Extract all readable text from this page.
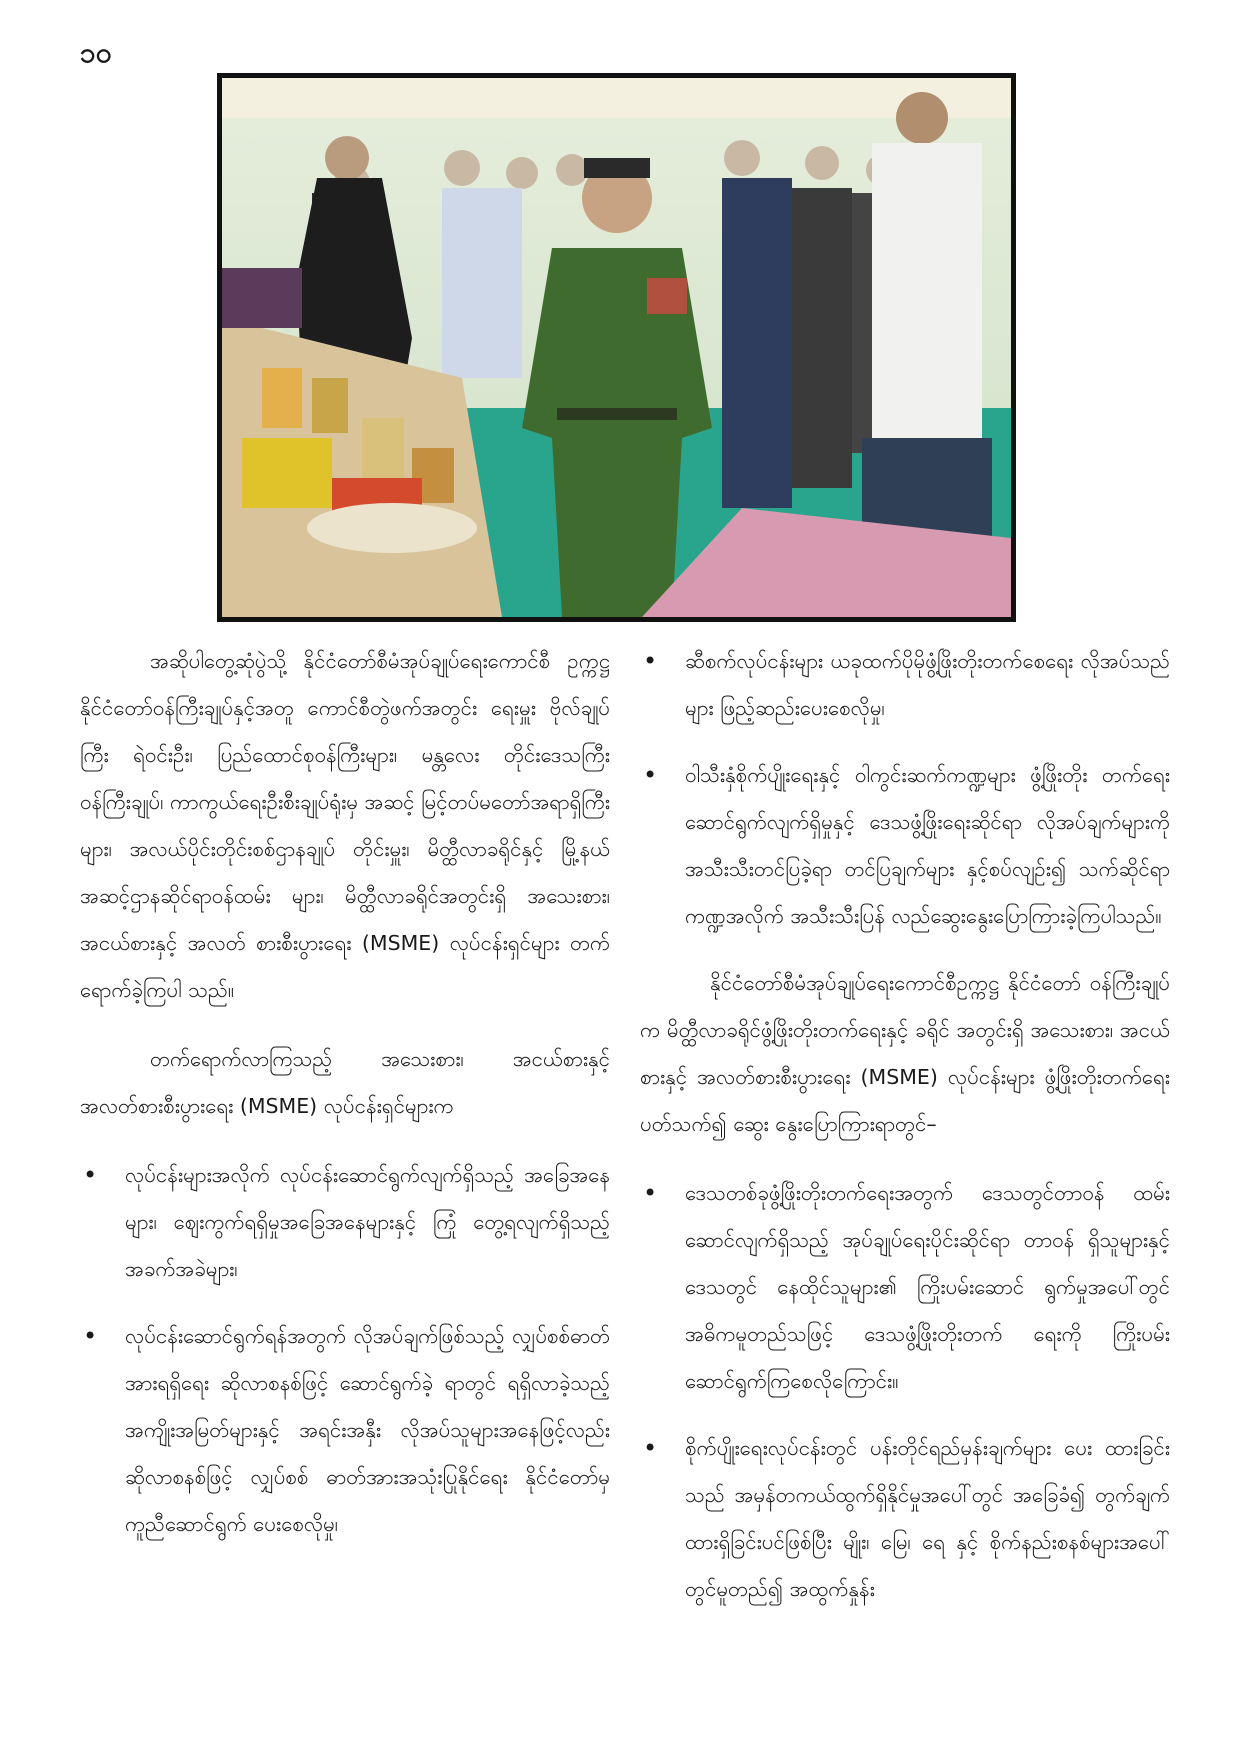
၁၀

အဆိုပါတွေ့ဆုံပွဲသို့ နိုင်ငံတော်စီမံအုပ်ချုပ်ရေးကောင်စီ ဥက္ကဋ္ဌ နိုင်ငံတော်ဝန်ကြီးချုပ်နှင့်အတူ ကောင်စီတွဲဖက်အတွင်း ရေးမှူး ဗိုလ်ချုပ်ကြီး ရဲဝင်းဦး၊ ပြည်ထောင်စုဝန်ကြီးများ၊ မန္တလေး တိုင်းဒေသကြီး ဝန်ကြီးချုပ်၊ ကာကွယ်ရေးဦးစီးချုပ်ရုံးမှ အဆင့် မြင့်တပ်မတော်အရာရှိကြီးများ၊ အလယ်ပိုင်းတိုင်းစစ်ဌာနချုပ် တိုင်းမှူး၊ မိတ္ထီလာခရိုင်နှင့် မြို့နယ်အဆင့်ဌာနဆိုင်ရာဝန်ထမ်း များ၊ မိတ္ထီလာခရိုင်အတွင်းရှိ အသေးစား၊ အငယ်စားနှင့် အလတ် စားစီးပွားရေး (MSME) လုပ်ငန်းရှင်များ တက်ရောက်ခဲ့ကြပါ သည်။

တက်ရောက်လာကြသည့် အသေးစား၊ အငယ်စားနှင့် အလတ်စားစီးပွားရေး (MSME) လုပ်ငန်းရှင်များက

• လုပ်ငန်းများအလိုက် လုပ်ငန်းဆောင်ရွက်လျက်ရှိသည့် အခြေအနေများ၊ ဈေးကွက်ရရှိမှုအခြေအနေများနှင့် ကြုံ တွေ့ရလျက်ရှိသည့်အခက်အခဲများ၊
• လုပ်ငန်းဆောင်ရွက်ရန်အတွက် လိုအပ်ချက်ဖြစ်သည့် လျှပ်စစ်ဓာတ်အားရရှိရေး ဆိုလာစနစ်ဖြင့် ဆောင်ရွက်ခဲ့ ရာတွင် ရရှိလာခဲ့သည့်အကျိုးအမြတ်များနှင့် အရင်းအနှီး လိုအပ်သူများအနေဖြင့်လည်း ဆိုလာစနစ်ဖြင့် လျှပ်စစ် ဓာတ်အားအသုံးပြုနိုင်ရေး နိုင်ငံတော်မှ ကူညီဆောင်ရွက် ပေးစေလိုမှု၊
• ဆီစက်လုပ်ငန်းများ ယခုထက်ပိုမိုဖွံ့ဖြိုးတိုးတက်စေရေး လိုအပ်သည်များ ဖြည့်ဆည်းပေးစေလိုမှု၊
• ဝါသီးနှံစိုက်ပျိုးရေးနှင့် ဝါကွင်းဆက်ကဏ္ဍများ ဖွံ့ဖြိုးတိုး တက်ရေး ဆောင်ရွက်လျက်ရှိမှုနှင့် ဒေသဖွံ့ဖြိုးရေးဆိုင်ရာ လိုအပ်ချက်များကိုအသီးသီးတင်ပြခဲ့ရာ တင်ပြချက်များ နှင့်စပ်လျဉ်း၍ သက်ဆိုင်ရာကဏ္ဍအလိုက် အသီးသီးပြန် လည်ဆွေးနွေးပြောကြားခဲ့ကြပါသည်။

နိုင်ငံတော်စီမံအုပ်ချုပ်ရေးကောင်စီဥက္ကဋ္ဌ နိုင်ငံတော် ဝန်ကြီးချုပ်က မိတ္ထီလာခရိုင်ဖွံ့ဖြိုးတိုးတက်ရေးနှင့် ခရိုင် အတွင်းရှိ အသေးစား၊ အငယ်စားနှင့် အလတ်စားစီးပွားရေး (MSME) လုပ်ငန်းများ ဖွံ့ဖြိုးတိုးတက်ရေးပတ်သက်၍ ဆွေး နွေးပြောကြားရာတွင်–

• ဒေသတစ်ခုဖွံ့ဖြိုးတိုးတက်ရေးအတွက် ဒေသတွင်တာဝန် ထမ်းဆောင်လျက်ရှိသည့် အုပ်ချုပ်ရေးပိုင်းဆိုင်ရာ တာဝန် ရှိသူများနှင့် ဒေသတွင် နေထိုင်သူများ၏ ကြိုးပမ်းဆောင် ရွက်မှုအပေါ်တွင် အဓိကမူတည်သဖြင့် ဒေသဖွံ့ဖြိုးတိုးတက် ရေးကို ကြိုးပမ်းဆောင်ရွက်ကြစေလိုကြောင်း။
• စိုက်ပျိုးရေးလုပ်ငန်းတွင် ပန်းတိုင်ရည်မှန်းချက်များ ပေး ထားခြင်းသည် အမှန်တကယ်ထွက်ရှိနိုင်မှုအပေါ်တွင် အခြေခံ၍ တွက်ချက်ထားရှိခြင်းပင်ဖြစ်ပြီး မျိုး၊ မြေ၊ ရေ နှင့် စိုက်နည်းစနစ်များအပေါ်တွင်မူတည်၍ အထွက်နှုန်း
